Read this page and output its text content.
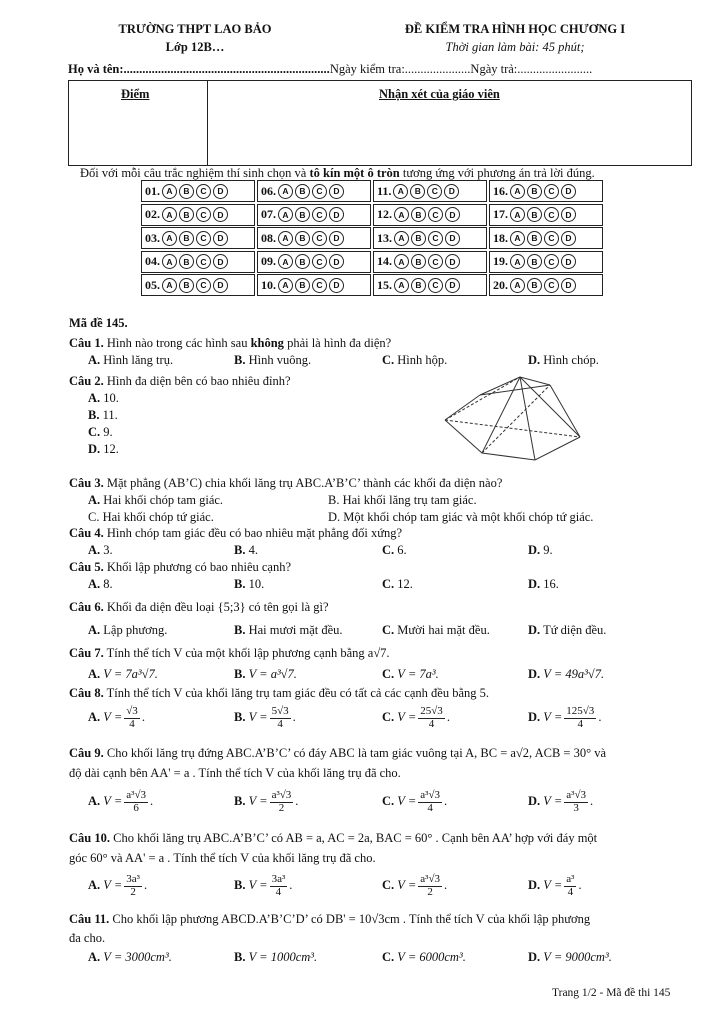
TRƯỜNG THPT LAO BẢO
Lớp 12B…
ĐỀ KIỂM TRA HÌNH HỌC CHƯƠNG I
Thời gian làm bài: 45 phút;
Họ và tên:..................................................................Ngày kiểm tra:.....................Ngày trả:........................
Điểm	Nhận xét của giáo viên
Đối với mỗi câu trắc nghiệm thí sinh chọn và tô kín một ô tròn tương ứng với phương án trả lời đúng.
01. A	B	C	D
02. A	B	C	D
03. A	B	C	D
04. A	B	C	D
05. A	B	C	D
06. A	B	C	D
07. A	B	C	D
08. A	B	C	D
09. A	B	C	D
10. A	B	C	D
11. A	B	C	D
12. A	B	C	D
13. A	B	C	D
14. A	B	C	D
15. A	B	C	D
16. A	B	C	D
17. A	B	C	D
18. A	B	C	D
19. A	B	C	D
20. A	B	C	D
Mã đề 145.
Câu 1. Hình nào trong các hình sau không phải là hình đa diện?
A. Hình lăng trụ.	B. Hình vuông.	C. Hình hộp.	D. Hình chóp.
Câu 2. Hình đa diện bên có bao nhiêu đỉnh?
A. 10.
B. 11.
C. 9.
D. 12.
Câu 3. Mặt phẳng (AB’C) chia khối lăng trụ ABC.A’B’C’ thành các khối đa diện nào?
A. Hai khối chóp tam giác.	B. Hai khối lăng trụ tam giác.
C. Hai khối chóp tứ giác.	D. Một khối chóp tam giác và một khối chóp tứ giác.
Câu 4. Hình chóp tam giác đều có bao nhiêu mặt phẳng đối xứng?
A. 3.	B. 4.	C. 6.	D. 9.
Câu 5. Khối lập phương có bao nhiêu cạnh?
A. 8.	B. 10.	C. 12.	D. 16.
Câu 6. Khối đa diện đều loại {5;3} có tên gọi là gì?
A. Lập phương.	B. Hai mươi mặt đều.	C. Mười hai mặt đều.	D. Tứ diện đều.
Câu 7. Tính thể tích V của một khối lập phương cạnh bằng a√7.
A. V = 7a³√7.	B. V = a³√7.	C. V = 7a³.	D. V = 49a³√7.
Câu 8. Tính thể tích V của khối lăng trụ tam giác đều có tất cả các cạnh đều bằng 5.
A. $V = \frac{√3}{4}$ .	B. $V = \frac{5√3}{4}$ .	C. $V = \frac{25√3}{4}$ .	D. $V = \frac{125√3}{4}$ .
Câu 9. Cho khối lăng trụ đứng ABC.A’B’C’ có đáy ABC là tam giác vuông tại A, BC = a√2, ACB = 30° và
độ dài cạnh bên AA' = a . Tính thể tích V của khối lăng trụ đã cho.
A. $V = \frac{\text{a³√3}}{6}$ .	B. $V = \frac{\text{a³√3}}{2}$ .	C. $V = \frac{\text{a³√3}}{4}$ .	D. $V = \frac{\text{a³√3}}{3}$ .
Câu 10. Cho khối lăng trụ ABC.A’B’C’ có AB = a, AC = 2a, BAC = 60° . Cạnh bên AA’ hợp với đáy một
góc 60° và AA' = a . Tính thể tích V của khối lăng trụ đã cho.
A. $V = \frac{\text{3a³}}{2}$ .	B. $V = \frac{\text{3a³}}{4}$ .	C. $V = \frac{\text{a³√3}}{2}$ .	D. $V = \frac{\text{a³}}{4}$ .
Câu 11. Cho khối lập phương ABCD.A’B’C’D’ có DB' = 10√3cm . Tính thể tích V của khối lập phương
đa cho.
A. V = 3000cm³.	B. V = 1000cm³.	C. V = 6000cm³.	D. V = 9000cm³.
Trang 1/2 - Mã đề thi 145
